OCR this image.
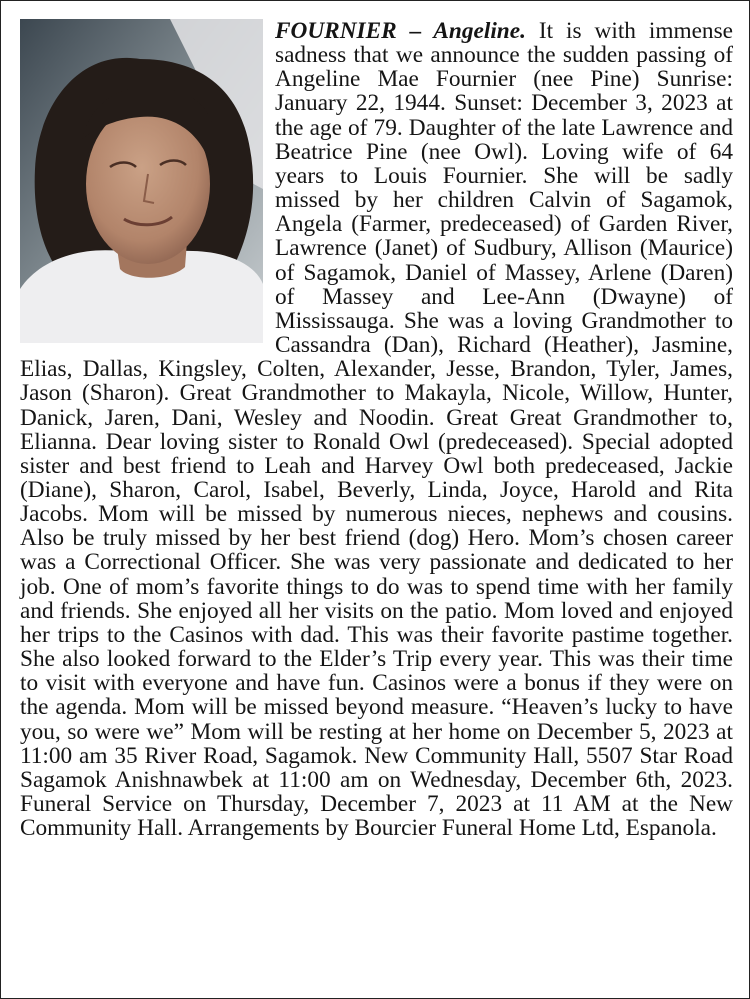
FOURNIER – Angeline. It is with immense sadness that we announce the sudden passing of Angeline Mae Fournier (nee Pine) Sunrise: January 22, 1944. Sunset: December 3, 2023 at the age of 79. Daughter of the late Lawrence and Beatrice Pine (nee Owl). Loving wife of 64 years to Louis Fournier. She will be sadly missed by her children Calvin of Sagamok, Angela (Farmer, predeceased) of Garden River, Lawrence (Janet) of Sudbury, Allison (Maurice) of Sagamok, Daniel of Massey, Arlene (Daren) of Massey and Lee-Ann (Dwayne) of Mississauga. She was a loving Grandmother to Cassandra (Dan), Richard (Heather), Jasmine, Elias, Dallas, Kingsley, Colten, Alexander, Jesse, Brandon, Tyler, James, Jason (Sharon). Great Grandmother to Makayla, Nicole, Willow, Hunter, Danick, Jaren, Dani, Wesley and Noodin. Great Great Grandmother to, Elianna. Dear loving sister to Ronald Owl (predeceased). Special adopted sister and best friend to Leah and Harvey Owl both predeceased, Jackie (Diane), Sharon, Carol, Isabel, Beverly, Linda, Joyce, Harold and Rita Jacobs. Mom will be missed by numerous nieces, nephews and cousins. Also be truly missed by her best friend (dog) Hero. Mom’s chosen career was a Correctional Officer. She was very passionate and dedicated to her job. One of mom’s favorite things to do was to spend time with her family and friends. She enjoyed all her visits on the patio. Mom loved and enjoyed her trips to the Casinos with dad. This was their favorite pastime together. She also looked forward to the Elder’s Trip every year. This was their time to visit with everyone and have fun. Casinos were a bonus if they were on the agenda. Mom will be missed beyond measure. “Heaven’s lucky to have you, so were we” Mom will be resting at her home on December 5, 2023 at 11:00 am 35 River Road, Sagamok. New Community Hall, 5507 Star Road Sagamok Anishnawbek at 11:00 am on Wednesday, December 6th, 2023. Funeral Service on Thursday, December 7, 2023 at 11 AM at the New Community Hall. Arrangements by Bourcier Funeral Home Ltd, Espanola.
